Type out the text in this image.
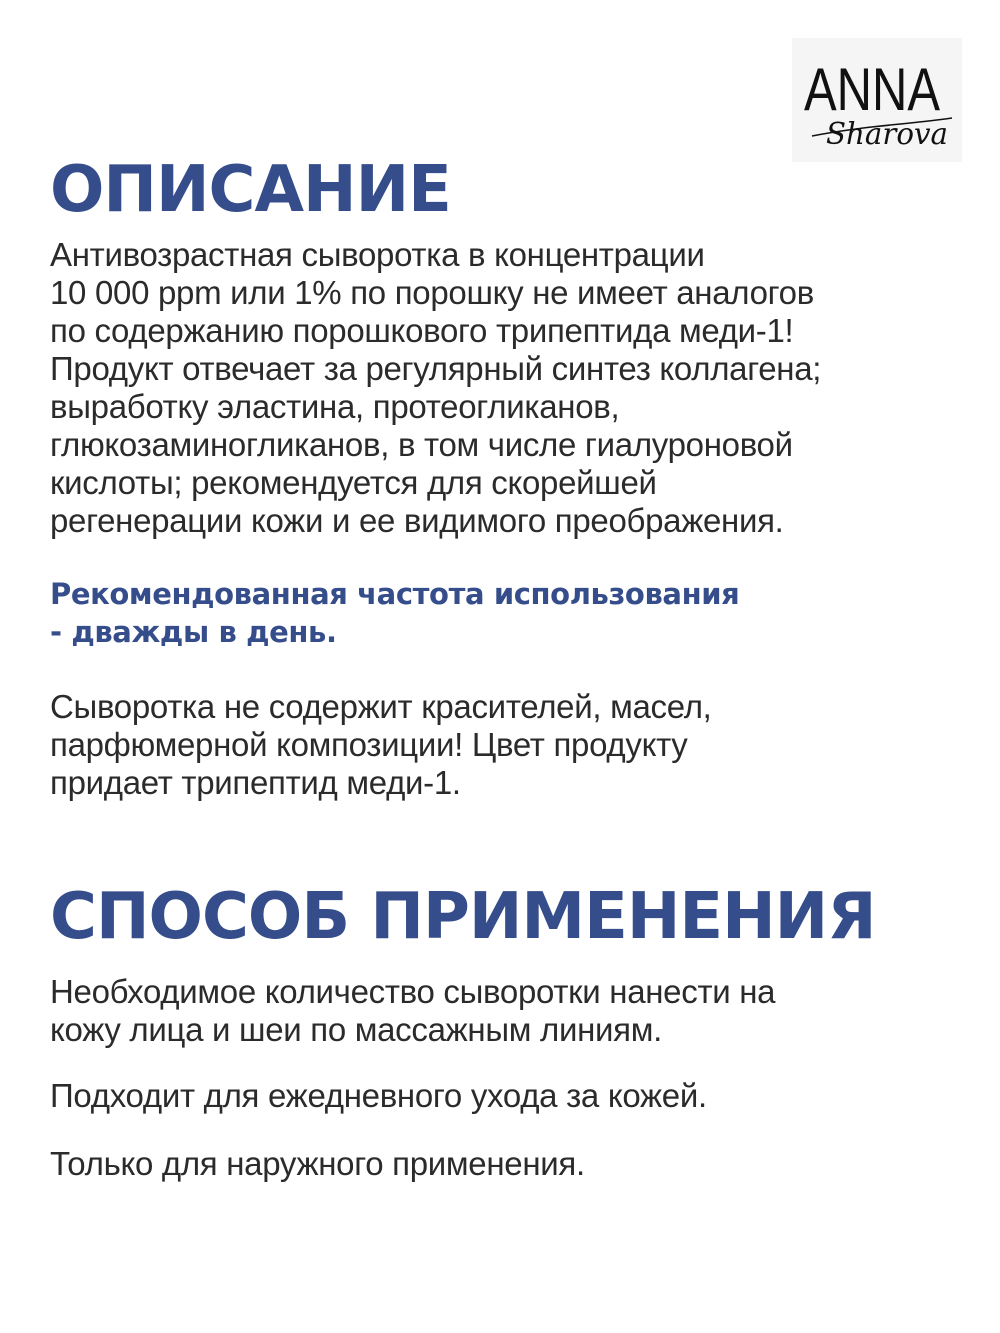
ANNA
Sharova
ОПИСАНИЕ

Антивозрастная сыворотка в концентрации
10 000 ppm или 1% по порошку не имеет аналогов
по содержанию порошкового трипептида меди-1!
Продукт отвечает за регулярный синтез коллагена;
выработку эластина, протеогликанов,
глюкозаминогликанов, в том числе гиалуроновой
кислоты; рекомендуется для скорейшей
регенерации кожи и ее видимого преображения.

Рекомендованная частота использования
- дважды в день.

Сыворотка не содержит красителей, масел,
парфюмерной композиции! Цвет продукту
придает трипептид меди-1.

СПОСОБ ПРИМЕНЕНИЯ

Необходимое количество сыворотки нанести на
кожу лица и шеи по массажным линиям.

Подходит для ежедневного ухода за кожей.

Только для наружного применения.
